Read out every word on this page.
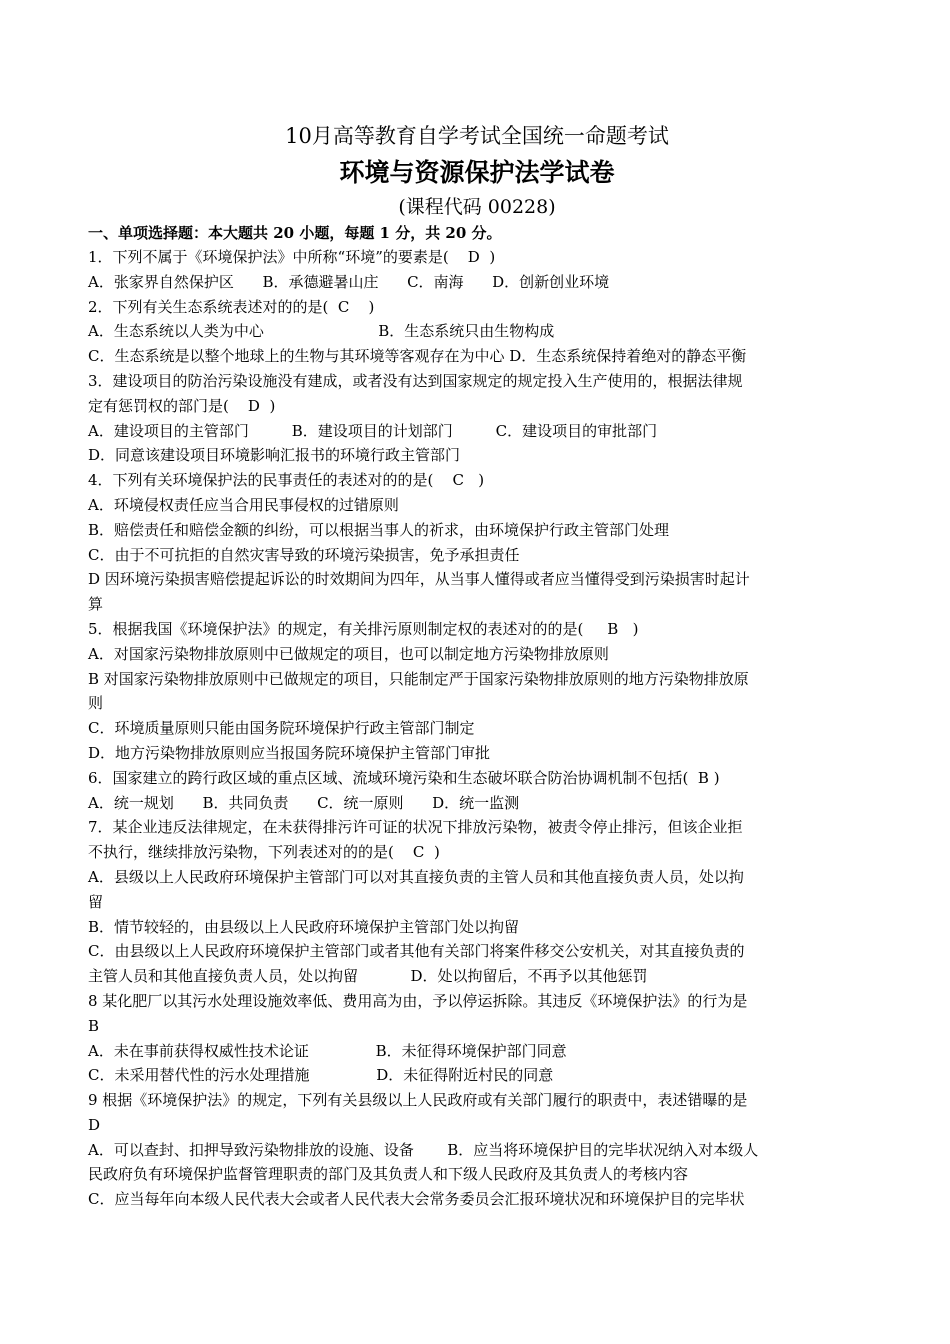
10月高等教育自学考试全国统一命题考试
环境与资源保护法学试卷
(课程代码 00228)
一、单项选择题：本大题共 20 小题，每题 1 分，共 20 分。

1．下列不属于《环境保护法》中所称“环境”的要素是(    D  )

A．张家界自然保护区      B．承德避暑山庄      C．南海      D．创新创业环境

2．下列有关生态系统表述对的的是(  C    )

A．生态系统以人类为中心                        B．生态系统只由生物构成

C．生态系统是以整个地球上的生物与其环境等客观存在为中心 D．生态系统保持着绝对的静态平衡

3．建设项目的防治污染设施没有建成，或者没有达到国家规定的规定投入生产使用的，根据法律规

定有惩罚权的部门是(    D  )

A．建设项目的主管部门         B．建设项目的计划部门         C．建设项目的审批部门

D．同意该建设项目环境影响汇报书的环境行政主管部门

4．下列有关环境保护法的民事责任的表述对的的是(    C   )

A．环境侵权责任应当合用民事侵权的过错原则

B．赔偿责任和赔偿金额的纠纷，可以根据当事人的祈求，由环境保护行政主管部门处理

C．由于不可抗拒的自然灾害导致的环境污染损害，免予承担责任

D 因环境污染损害赔偿提起诉讼的时效期间为四年，从当事人懂得或者应当懂得受到污染损害时起计

算

5．根据我国《环境保护法》的规定，有关排污原则制定权的表述对的的是(     B   )

A．对国家污染物排放原则中已做规定的项目，也可以制定地方污染物排放原则

B 对国家污染物排放原则中已做规定的项目，只能制定严于国家污染物排放原则的地方污染物排放原

则

C．环境质量原则只能由国务院环境保护行政主管部门制定

D．地方污染物排放原则应当报国务院环境保护主管部门审批

6．国家建立的跨行政区域的重点区域、流域环境污染和生态破坏联合防治协调机制不包括(  B )

A．统一规划      B．共同负责      C．统一原则      D．统一监测

7．某企业违反法律规定，在未获得排污许可证的状况下排放污染物，被责令停止排污，但该企业拒

不执行，继续排放污染物，下列表述对的的是(    C  )

A．县级以上人民政府环境保护主管部门可以对其直接负责的主管人员和其他直接负责人员，处以拘

留

B．情节较轻的，由县级以上人民政府环境保护主管部门处以拘留

C．由县级以上人民政府环境保护主管部门或者其他有关部门将案件移交公安机关，对其直接负责的

主管人员和其他直接负责人员，处以拘留           D．处以拘留后，不再予以其他惩罚

8 某化肥厂以其污水处理设施效率低、费用高为由，予以停运拆除。其违反《环境保护法》的行为是

B

A．未在事前获得权威性技术论证              B．未征得环境保护部门同意

C．未采用替代性的污水处理措施              D．未征得附近村民的同意

9 根据《环境保护法》的规定，下列有关县级以上人民政府或有关部门履行的职责中，表述错曝的是

D

A．可以查封、扣押导致污染物排放的设施、设备       B．应当将环境保护目的完毕状况纳入对本级人

民政府负有环境保护监督管理职责的部门及其负责人和下级人民政府及其负责人的考核内容

C．应当每年向本级人民代表大会或者人民代表大会常务委员会汇报环境状况和环境保护目的完毕状
